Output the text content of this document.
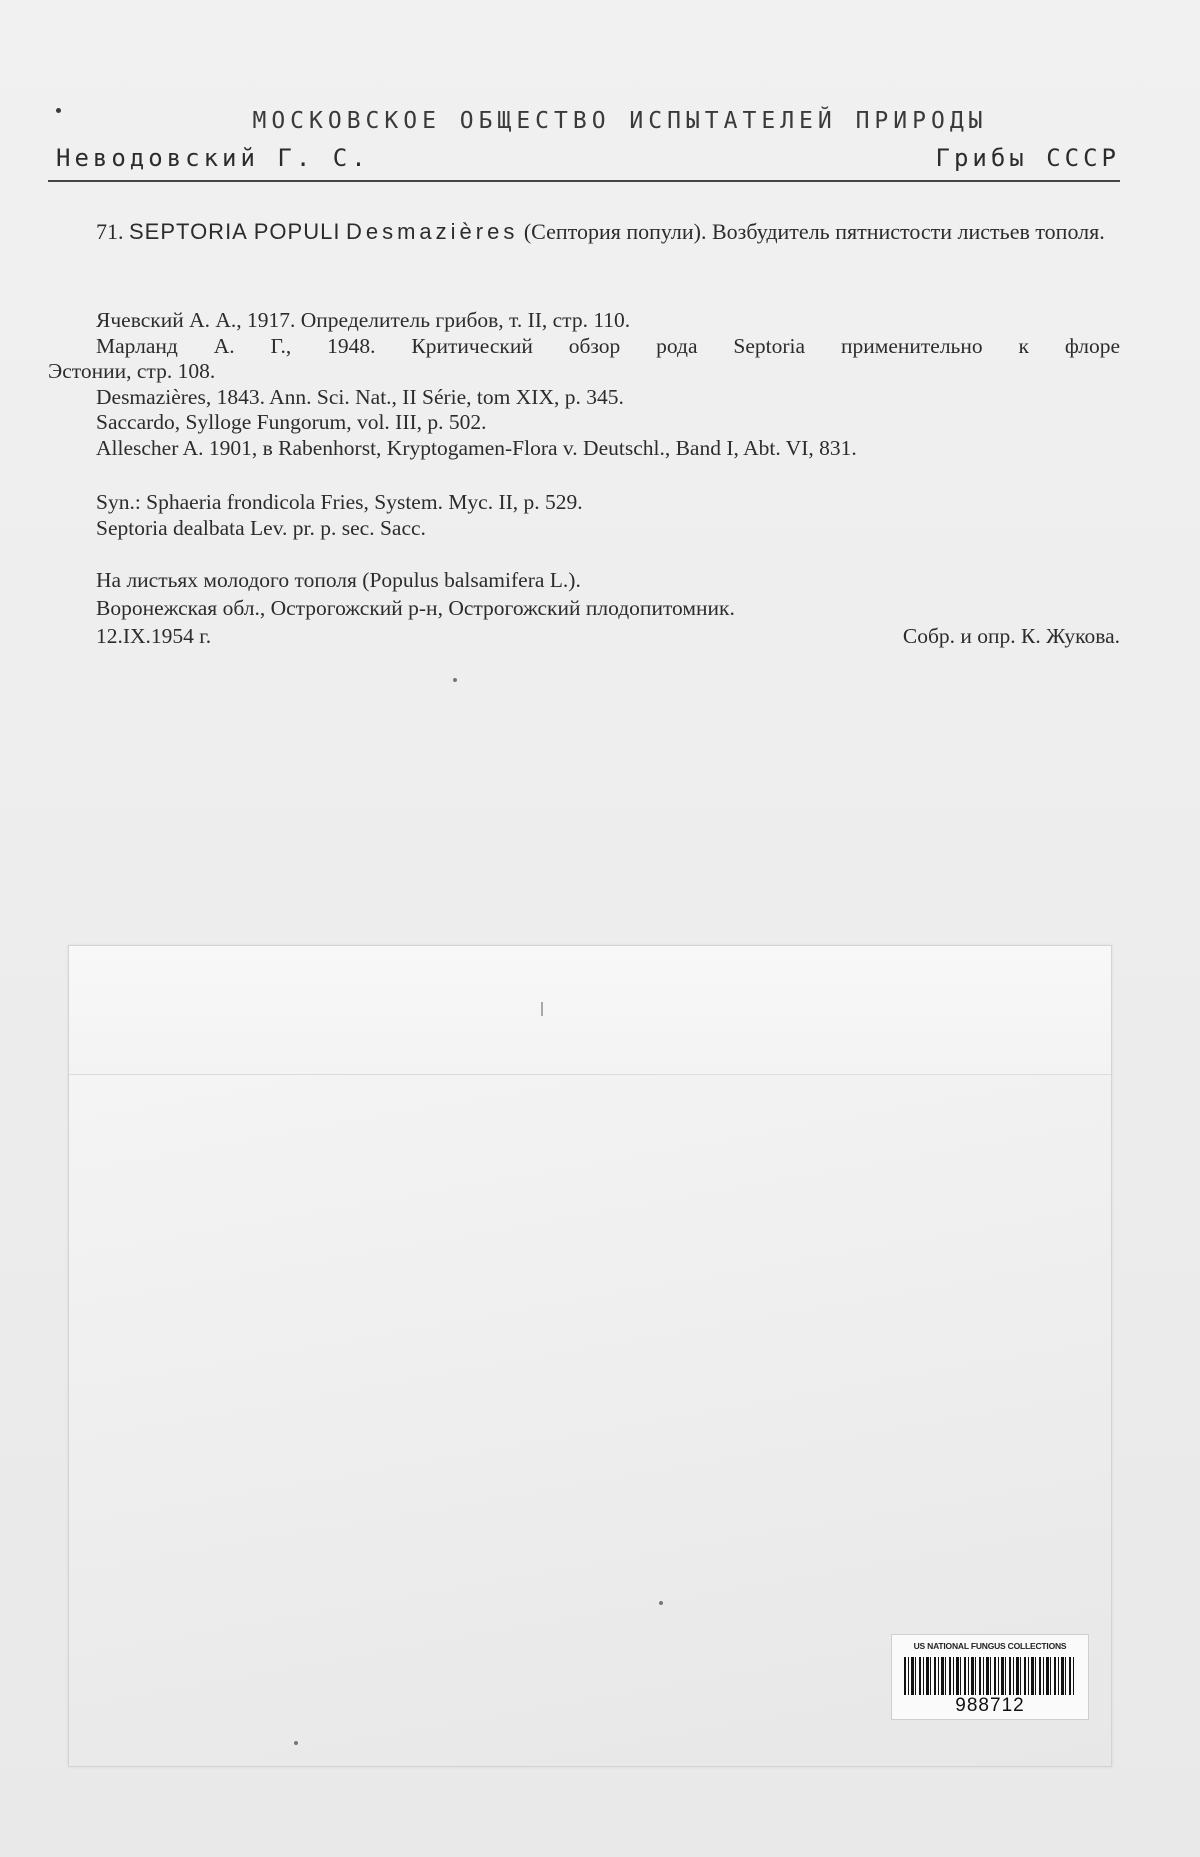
МОСКОВСКОЕ ОБЩЕСТВО ИСПЫТАТЕЛЕЙ ПРИРОДЫ
Неводовский Г. С.	Грибы СССР
71. SEPTORIA POPULI Desmazières (Септория попули). Возбудитель пятнистости листьев тополя.
Ячевский А. А., 1917. Определитель грибов, т. II, стр. 110.
Марланд А. Г., 1948. Критический обзор рода Septoria применительно к флоре
Эстонии, стр. 108.
Desmazières, 1843. Ann. Sci. Nat., II Série, tom XIX, p. 345.
Saccardo, Sylloge Fungorum, vol. III, p. 502.
Allescher A. 1901, в Rabenhorst, Kryptogamen-Flora v. Deutschl., Band I, Abt. VI, 831.
Syn.: Sphaeria frondicola Fries, System. Myc. II, p. 529.
Septoria dealbata Lev. pr. p. sec. Sacc.
На листьях молодого тополя (Populus balsamifera L.).
Воронежская обл., Острогожский р-н, Острогожский плодопитомник.
12.IX.1954 г.	Собр. и опр. К. Жукова.
US NATIONAL FUNGUS COLLECTIONS
988712
